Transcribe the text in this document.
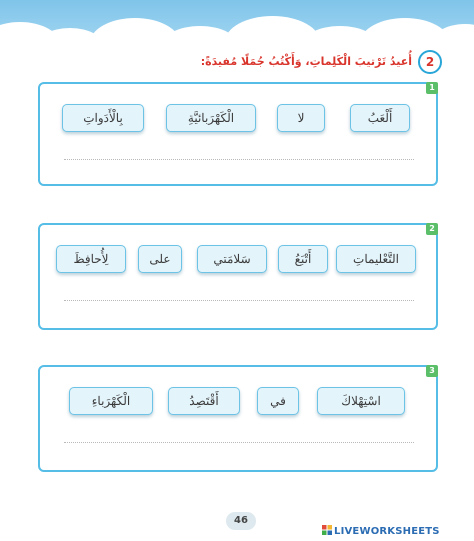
2
أُعيدُ تَرْتيبَ الْكَلِماتِ، وَأَكْتُبُ جُمَلًا مُفيدَةً:
1
أَلْعَبُ
لا
الْكَهْرَبائيَّةِ
بِالْأَدَواتِ
2
التَّعْليماتِ
أَتْبَعُ
سَلامَتي
على
لِأُحافِظَ
3
اسْتِهْلاكَ
في
أَقْتَصِدُ
الْكَهْرَباءِ
46
LIVEWORKSHEETS
